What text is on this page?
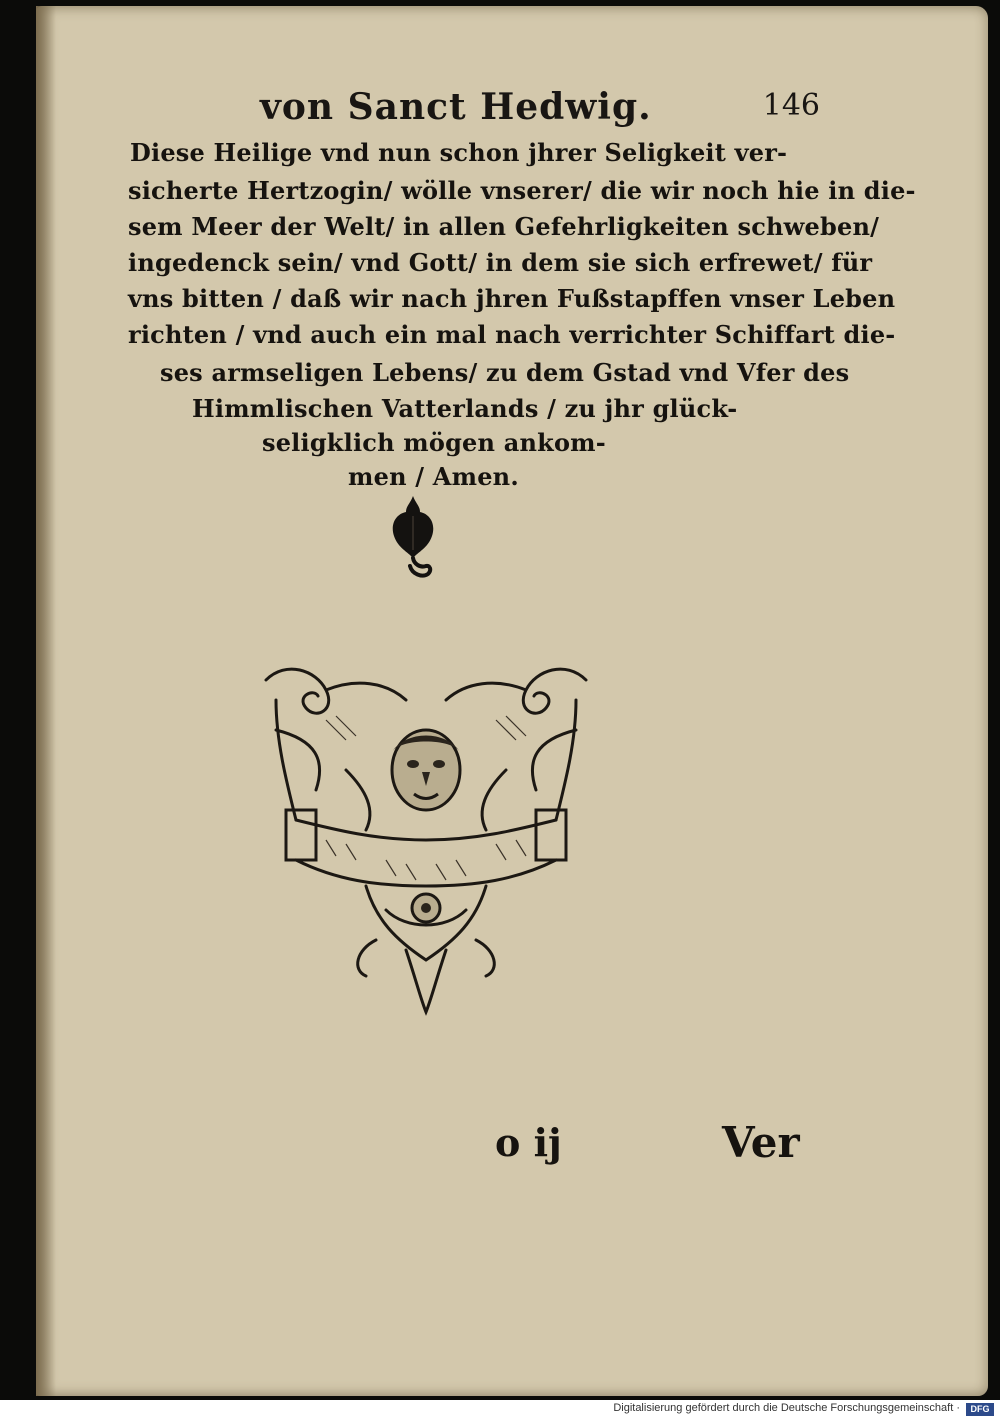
von Sanct Hedwig.	146
Diese Heilige vnd nun schon jhrer Seligkeit ver-
sicherte Hertzogin/ wölle vnserer/ die wir noch hie in die-
sem Meer der Welt/ in allen Gefehrligkeiten schweben/
ingedenck sein/ vnd Gott/ in dem sie sich erfrewet/ für
vns bitten / daß wir nach jhren Fußstapffen vnser Leben
richten / vnd auch ein mal nach verrichter Schiffart die-
ses armseligen Lebens/ zu dem Gstad vnd Vfer des
Himmlischen Vatterlands / zu jhr glück-
seligklich mögen ankom-
men / Amen.
o ij	Ver
Digitalisierung gefördert durch die Deutsche Forschungsgemeinschaft ·	DFG
